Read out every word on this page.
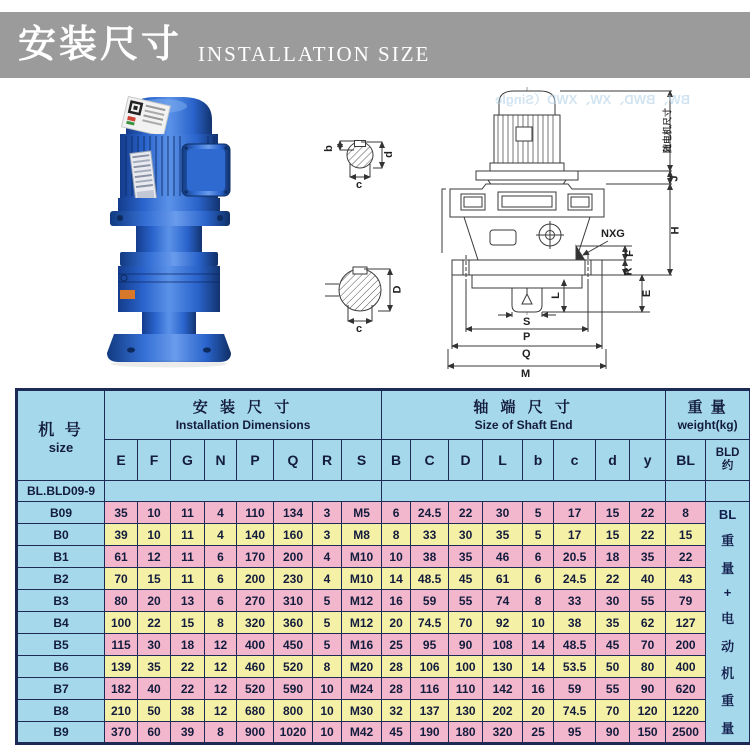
安装尺寸 INSTALLATION SIZE
BW、BWD、XW、XWD（Single
b
d
c
D
c
NXG
随电机尺寸
J
H
F
R
E
L
S
P
Q
M
机 号
size

安 装 尺 寸
Installation Dimensions

轴 端 尺 寸
Size of Shaft End

重 量
weight(kg)

	E	F	G	N	P	Q	R	S	B	C	D	L	b	c	d	y	BL	BLD
约

BL.BLD09-9																		
B09	35	10	11	4	110	134	3	M5	6	24.5	22	30	5	17	15	22	8	BL
重
量
+
电
动
机
重
量

B0	39	10	11	4	140	160	3	M8	8	33	30	35	5	17	15	22	15	
B1	61	12	11	6	170	200	4	M10	10	38	35	46	6	20.5	18	35	22	
B2	70	15	11	6	200	230	4	M10	14	48.5	45	61	6	24.5	22	40	43	
B3	80	20	13	6	270	310	5	M12	16	59	55	74	8	33	30	55	79	
B4	100	22	15	8	320	360	5	M12	20	74.5	70	92	10	38	35	62	127	
B5	115	30	18	12	400	450	5	M16	25	95	90	108	14	48.5	45	70	200	
B6	139	35	22	12	460	520	8	M20	28	106	100	130	14	53.5	50	80	400	
B7	182	40	22	12	520	590	10	M24	28	116	110	142	16	59	55	90	620	
B8	210	50	38	12	680	800	10	M30	32	137	130	202	20	74.5	70	120	1220	
B9	370	60	39	8	900	1020	10	M42	45	190	180	320	25	95	90	150	2500	
